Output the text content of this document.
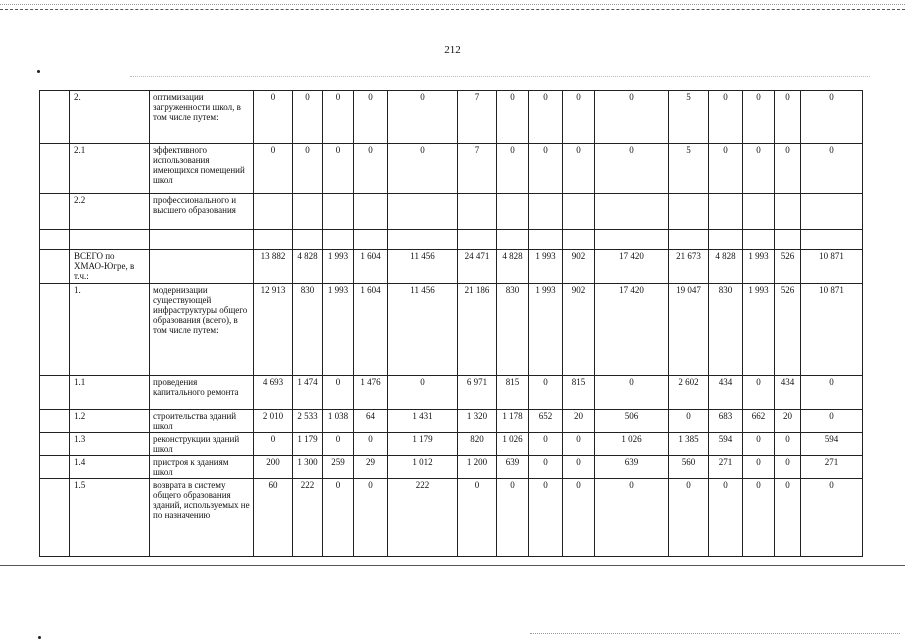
212
	2.	оптимизации загруженности школ, в том числе путем:	0	0	0	0	0	7	0	0	0	0	5	0	0	0	0
	2.1	эффективного использования имеющихся помещений школ	0	0	0	0	0	7	0	0	0	0	5	0	0	0	0
	2.2	профессионального и высшего образования															

	ВСЕГО по ХМАО-Югре, в т.ч.:		13 882	4 828	1 993	1 604	11 456	24 471	4 828	1 993	902	17 420	21 673	4 828	1 993	526	10 871
	1.	модернизации существующей инфраструктуры общего образования (всего), в том числе путем:	12 913	830	1 993	1 604	11 456	21 186	830	1 993	902	17 420	19 047	830	1 993	526	10 871
	1.1	проведения капитального ремонта	4 693	1 474	0	1 476	0	6 971	815	0	815	0	2 602	434	0	434	0
	1.2	строительства зданий школ	2 010	2 533	1 038	64	1 431	1 320	1 178	652	20	506	0	683	662	20	0
	1.3	реконструкции зданий школ	0	1 179	0	0	1 179	820	1 026	0	0	1 026	1 385	594	0	0	594
	1.4	пристроя к зданиям школ	200	1 300	259	29	1 012	1 200	639	0	0	639	560	271	0	0	271
	1.5	возврата в систему общего образования зданий, используемых не по назначению	60	222	0	0	222	0	0	0	0	0	0	0	0	0	0
